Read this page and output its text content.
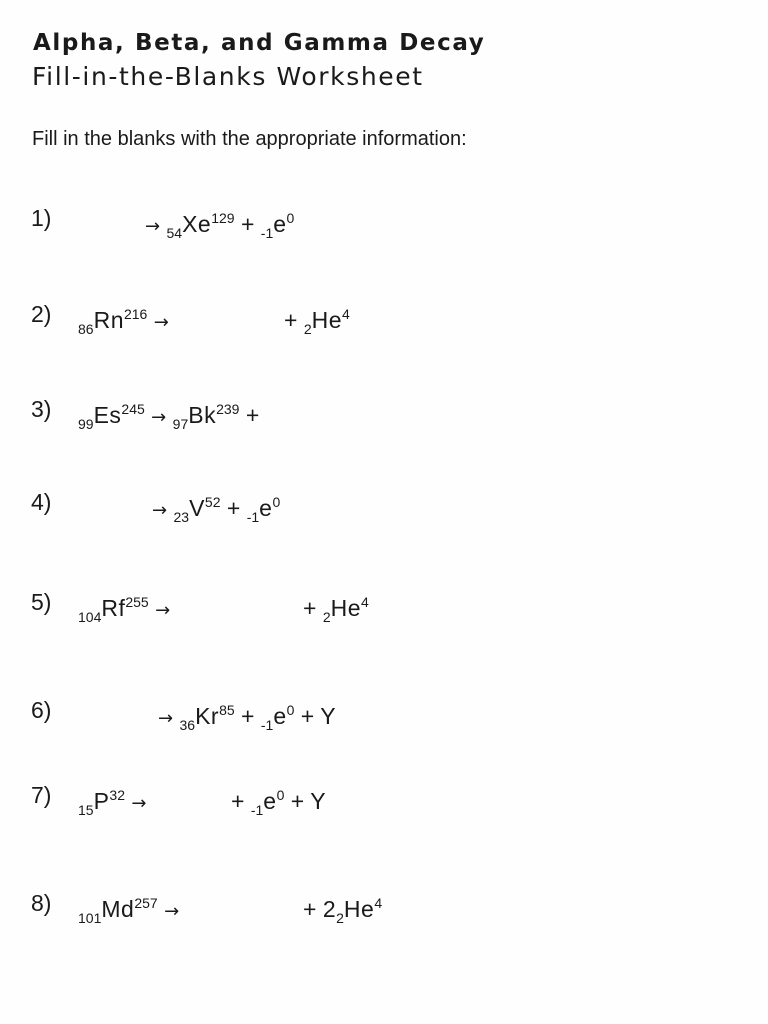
Alpha, Beta, and Gamma Decay
Fill-in-the-Blanks Worksheet
Fill in the blanks with the appropriate information:
1)	→ $_{54}Xe^{129} + _{-1}e^0$
2)
$_{86}Rn^{216}$ →	+ $_2He^4$
3)
$_{99}Es^{245} \to _{97}Bk^{239}$ +
4)	→ $_{23}V^{52} + _{-1}e^0$
5)
$_{104}Rf^{255}$ →	+ $_2He^4$
6)	→ $_{36}Kr^{85} + _{-1}e^0 + Y$
7)
$_{15}P^{32}$ →	+ $_{-1}e^0 + Y$
8)
$_{101}Md^{257}$ →	+ $2_2He^4$
